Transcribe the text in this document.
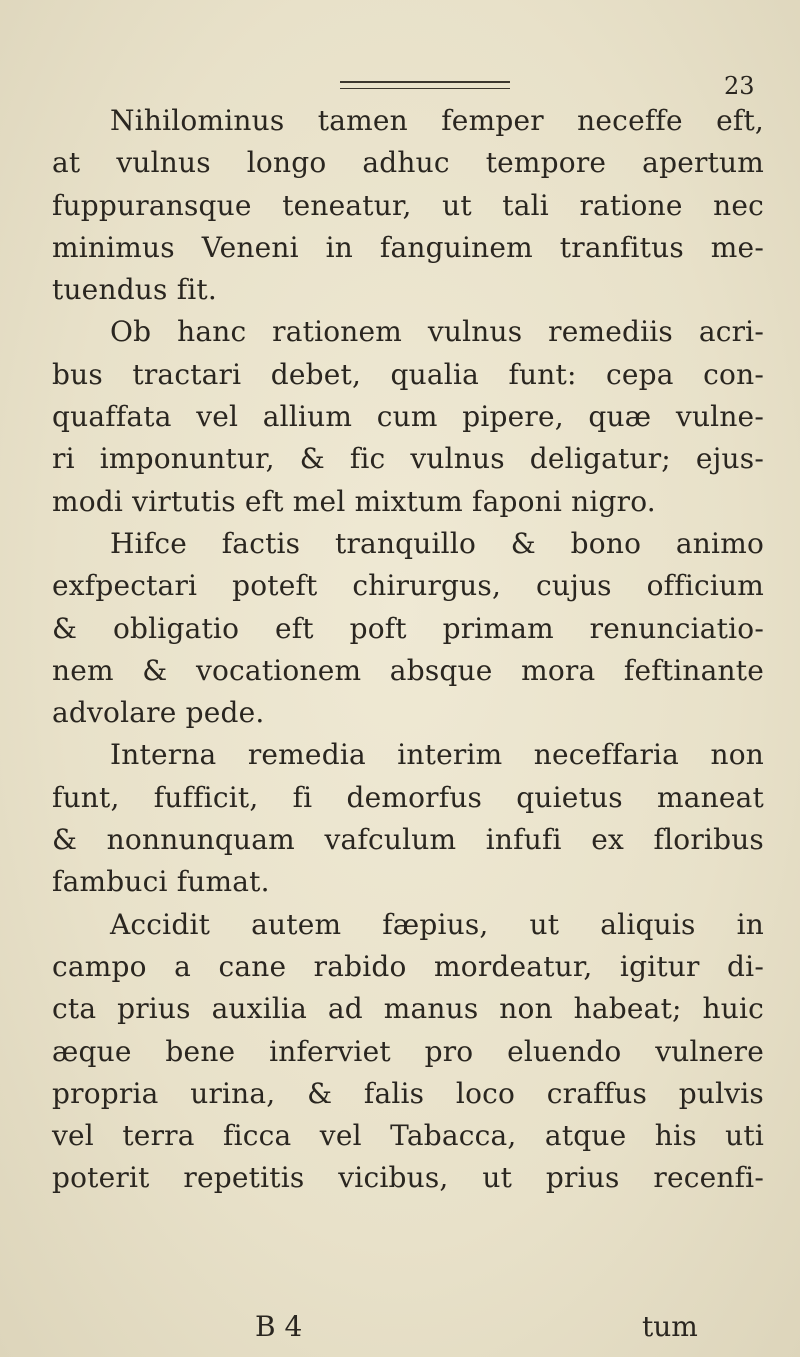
23
Nihilominus tamen femper neceffe eft,
at vulnus longo adhuc tempore apertum
fuppuransque teneatur, ut tali ratione nec
minimus Veneni in fanguinem tranfitus me-
tuendus fit.
Ob hanc rationem vulnus remediis acri-
bus tractari debet, qualia funt: cepa con-
quaffata vel allium cum pipere, quæ vulne-
ri imponuntur, & fic vulnus deligatur; ejus-
modi virtutis eft mel mixtum faponi nigro.
Hifce factis tranquillo & bono animo
exfpectari poteft chirurgus, cujus officium
& obligatio eft poft primam renunciatio-
nem & vocationem absque mora feftinante
advolare pede.
Interna remedia interim neceffaria non
funt, fufficit, fi demorfus quietus maneat
& nonnunquam vafculum infufi ex floribus
fambuci fumat.
Accidit autem fæpius, ut aliquis in
campo a cane rabido mordeatur, igitur di-
cta prius auxilia ad manus non habeat; huic
æque bene inferviet pro eluendo vulnere
propria urina, & falis loco craffus pulvis
vel terra ficca vel Tabacca, atque his uti
poterit repetitis vicibus, ut prius recenfi-
B 4	tum
